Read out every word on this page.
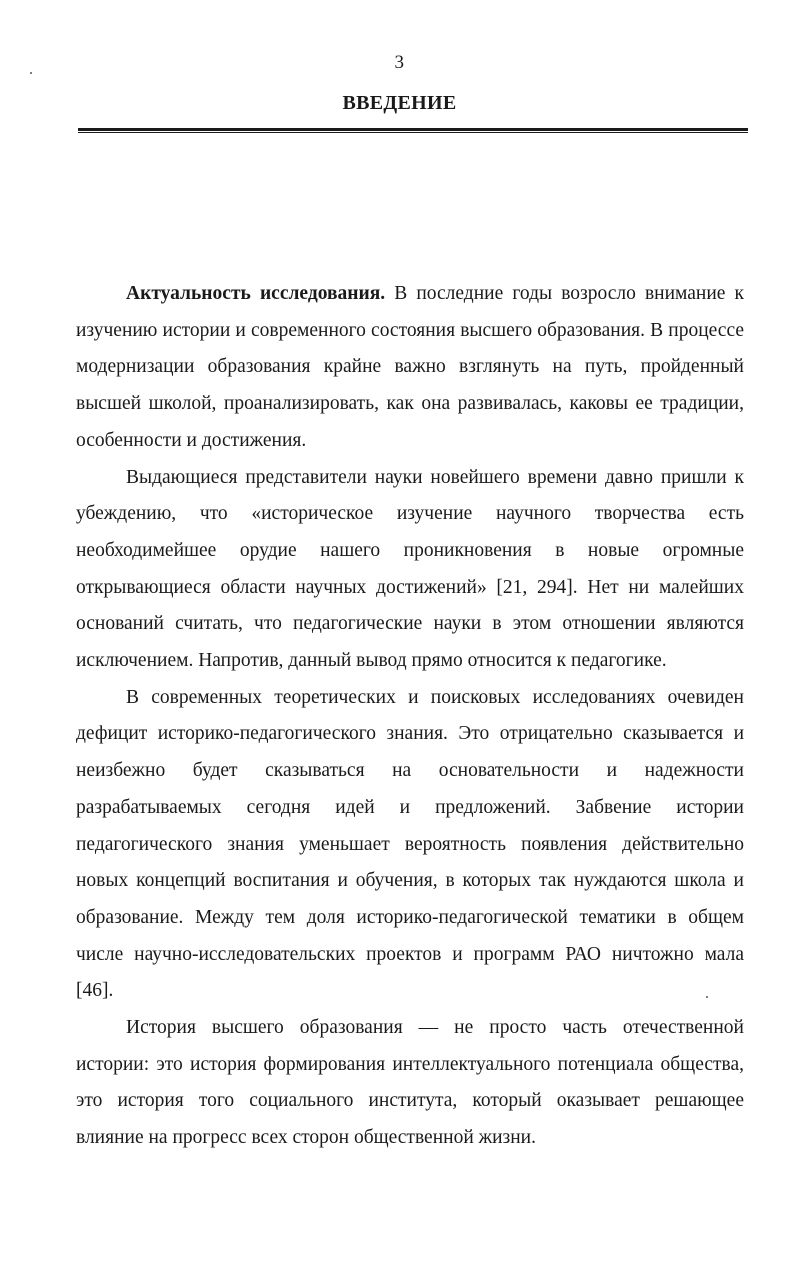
3
ВВЕДЕНИЕ

Актуальность исследования. В последние годы возросло внимание к изучению истории и современного состояния высшего образования. В процессе модернизации образования крайне важно взглянуть на путь, пройденный высшей школой, проанализировать, как она развивалась, каковы ее традиции, особенности и достижения.

Выдающиеся представители науки новейшего времени давно пришли к убеждению, что «историческое изучение научного творчества есть необходимейшее орудие нашего проникновения в новые огромные открывающиеся области научных достижений» [21, 294]. Нет ни малейших оснований считать, что педагогические науки в этом отношении являются исключением. Напротив, данный вывод прямо относится к педагогике.

В современных теоретических и поисковых исследованиях очевиден дефицит историко-педагогического знания. Это отрицательно сказывается и неизбежно будет сказываться на основательности и надежности разрабатываемых сегодня идей и предложений. Забвение истории педагогического знания уменьшает вероятность появления действительно новых концепций воспитания и обучения, в которых так нуждаются школа и образование. Между тем доля историко-педагогической тематики в общем числе научно-исследовательских проектов и программ РАО ничтожно мала [46].

История высшего образования — не просто часть отечественной истории: это история формирования интеллектуального потенциала общества, это история того социального института, который оказывает решающее влияние на прогресс всех сторон общественной жизни.
